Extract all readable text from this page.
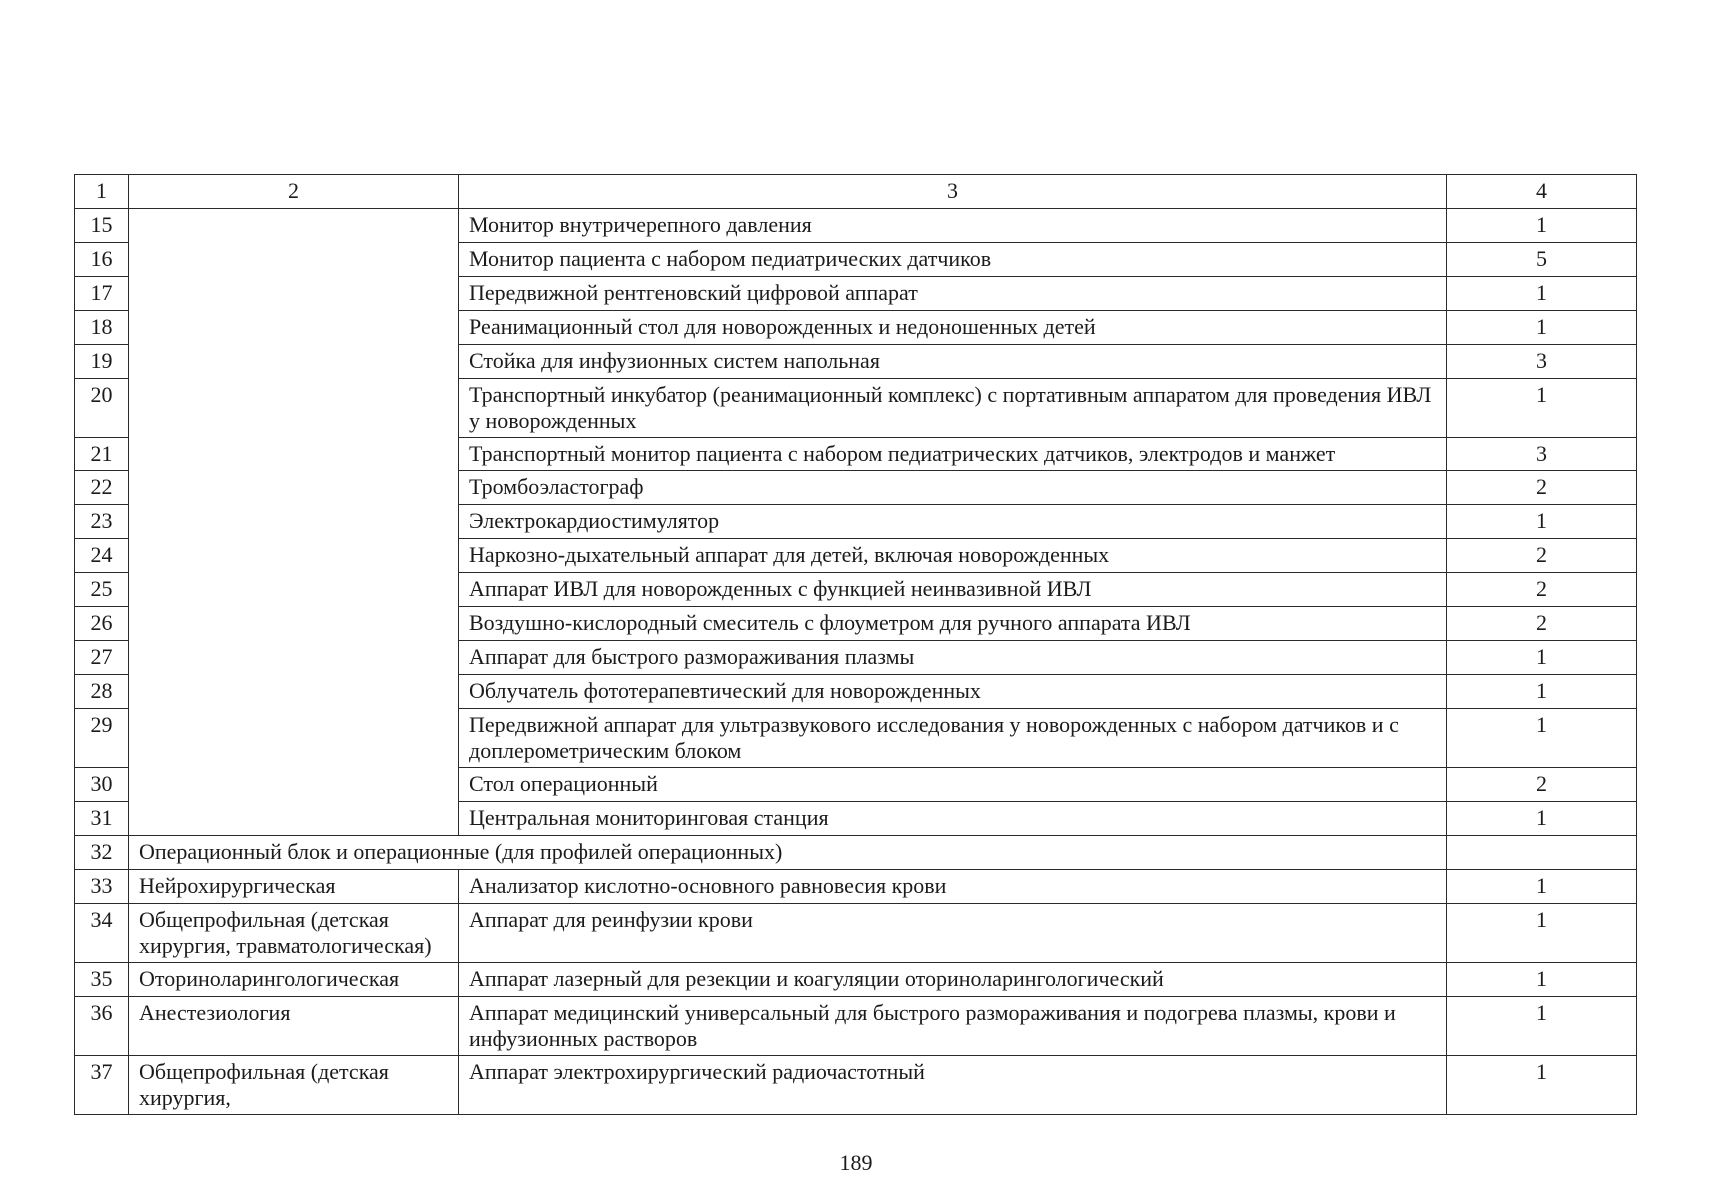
1	2	3	4
15		Монитор внутричерепного давления	1
16		Монитор пациента с набором педиатрических датчиков	5
17		Передвижной рентгеновский цифровой аппарат	1
18		Реанимационный стол для новорожденных и недоношенных детей	1
19		Стойка для инфузионных систем напольная	3
20		Транспортный инкубатор (реанимационный комплекс) с портативным аппаратом для проведения ИВЛ у новорожденных	1
21		Транспортный монитор пациента с набором педиатрических датчиков, электродов и манжет	3
22		Тромбоэластограф	2
23		Электрокардиостимулятор	1
24		Наркозно-дыхательный аппарат для детей, включая новорожденных	2
25		Аппарат ИВЛ для новорожденных с функцией неинвазивной ИВЛ	2
26		Воздушно-кислородный смеситель с флоуметром для ручного аппарата ИВЛ	2
27		Аппарат для быстрого размораживания плазмы	1
28		Облучатель фототерапевтический для новорожденных	1
29		Передвижной аппарат для ультразвукового исследования у новорожденных с набором датчиков и с доплерометрическим блоком	1
30		Стол операционный	2
31		Центральная мониторинговая станция	1
32	Операционный блок и операционные (для профилей операционных)		
33	Нейрохирургическая	Анализатор кислотно-основного равновесия крови	1
34	Общепрофильная (детская хирургия, травматологическая)	Аппарат для реинфузии крови	1
35	Оториноларингологическая	Аппарат лазерный для резекции и коагуляции оториноларингологический	1
36	Анестезиология	Аппарат медицинский универсальный для быстрого размораживания и подогрева плазмы, крови и инфузионных растворов	1
37	Общепрофильная (детская хирургия,	Аппарат электрохирургический радиочастотный	1
189
